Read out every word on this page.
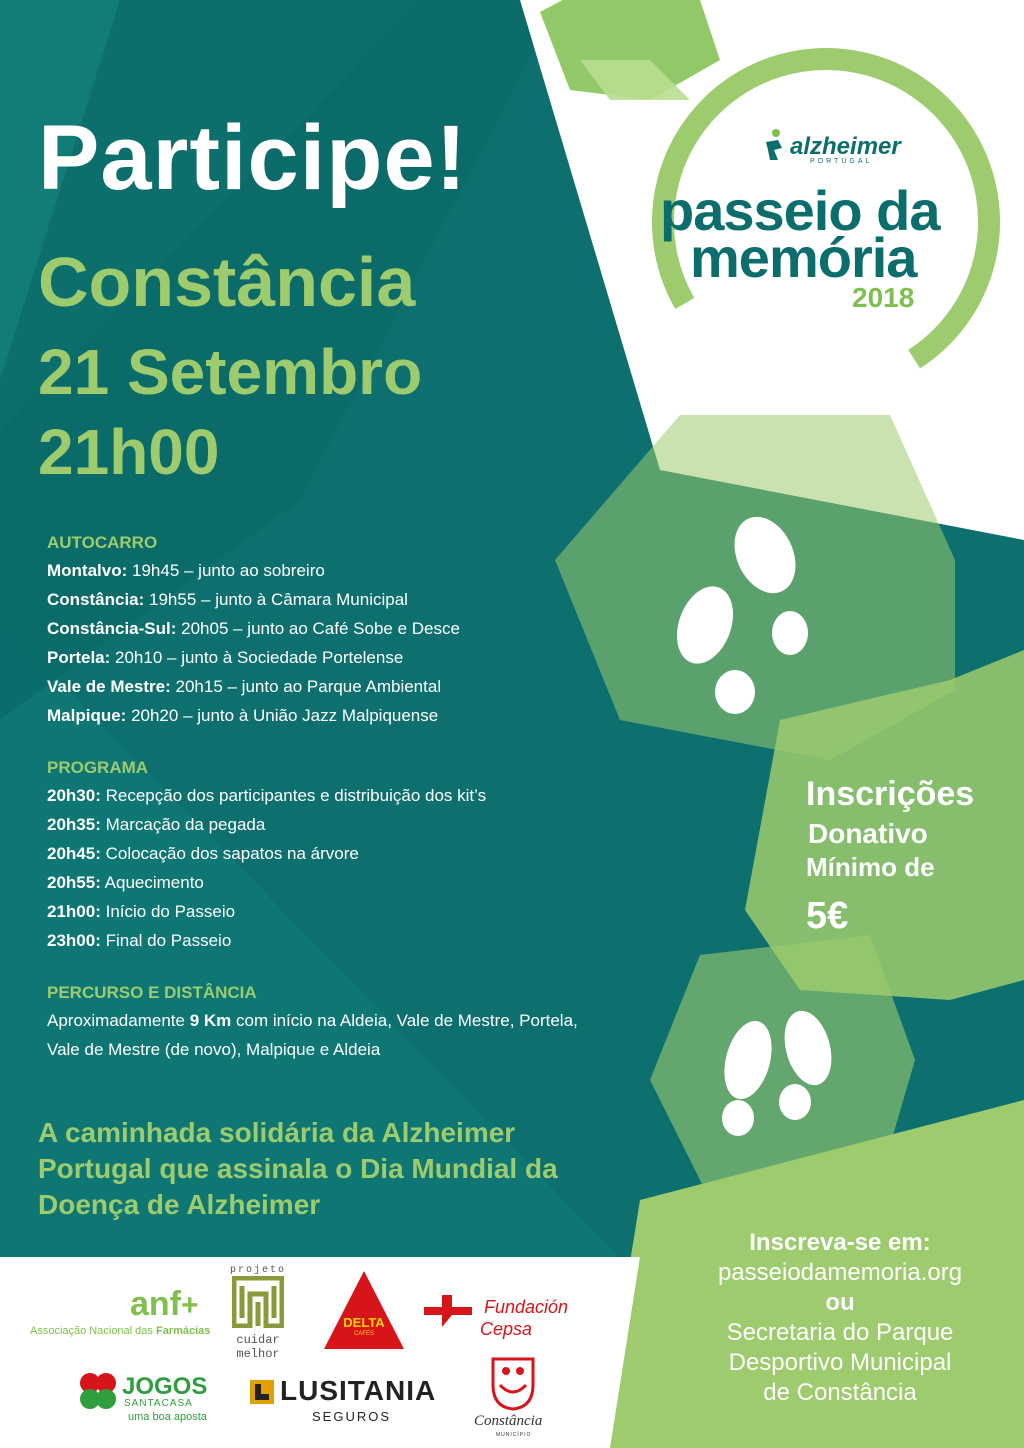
Participe!
Constância
21 Setembro
21h00
alzheimer
PORTUGAL
passeio da
memória
2018
AUTOCARRO
Montalvo: 19h45 – junto ao sobreiro
Constância: 19h55 – junto à Câmara Municipal
Constância-Sul: 20h05 – junto ao Café Sobe e Desce
Portela: 20h10 – junto à Sociedade Portelense
Vale de Mestre: 20h15 – junto ao Parque Ambiental
Malpique: 20h20 – junto à União Jazz Malpiquense
PROGRAMA
20h30: Recepção dos participantes e distribuição dos kit’s
20h35: Marcação da pegada
20h45: Colocação dos sapatos na árvore
20h55: Aquecimento
21h00: Início do Passeio
23h00: Final do Passeio
PERCURSO E DISTÂNCIA
Aproximadamente 9 Km com início na Aldeia, Vale de Mestre, Portela, Vale de Mestre (de novo), Malpique e Aldeia
A caminhada solidária da Alzheimer Portugal que assinala o Dia Mundial da Doença de Alzheimer
Inscrições
Donativo
Mínimo de
5€
Inscreva-se em:
passeiodamemoria.org
ou
Secretaria do Parque
Desportivo Municipal
de Constância
anf+
Associação Nacional das Farmácias
projeto
cuidar
melhor
DELTA
CAFÉS
Fundación
Cepsa
JOGOS
SANTACASA
uma boa aposta
LUSITANIA
SEGUROS	Constância
MUNICÍPIO
